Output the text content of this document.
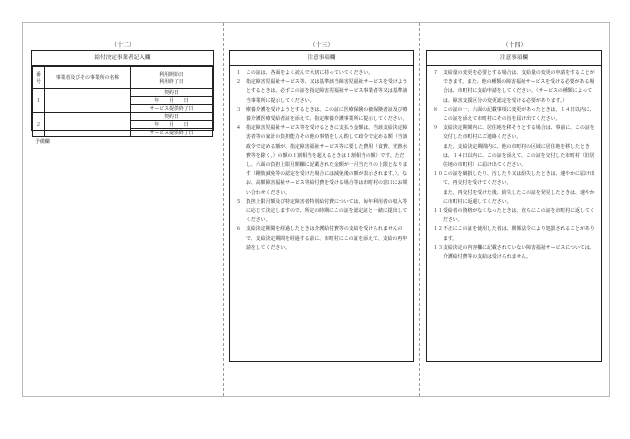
（十二）
給付決定事業者記入欄
番号	事業者及びその事業所の名称	利用開始日
利用終了日

１		契約日
		年　　月　　日
		サービス提供終了日
２		契約日
		年　　月　　日
		サービス提供終了日
予備欄
（十三）
注意事項欄
１	この証は、各面をよく読んで大切に持っていてください。
２	指定障害児福祉サービス等、又は基準該当障害児福祉サービスを受けようとするときは、必ずこの証を指定障害児福祉サービス事業者等又は基準該当事業所に提示してください。
３	療養介護を受けようとするときは、この証に医療保険の被保険者証及び療養介護医療受給者証を添えて、指定療養介護事業所に提示してください。
４	指定障害児福祉サービス等を受けるときに支払う金額は、当該支給決定障害者等の家計の負担能力その他の事情をしん酌して政令で定める額（当該政令で定める額が、指定障害福祉サービス等に要した費用（食費、光熱水費等を除く。）の額の１割相当を超えるときは１割相当の額）です。ただし、六面の負担上限月額欄に記載された金額が一月当たりの上限となります（剛肢減免等の認定を受けた場合には減免後の額が表示されます。）。なお、高額障害福祉サービス等給付費を受ける場合等は市町村の窓口にお問い合わせください。
５	負担上限月額及び特定障害者特別給付費については、毎年利用者の収入等に応じて決定しますので、所定の時期にこの証を認定証と一緒に提出してください。
６	支給決定期間を経過したときは介護給付費等の支給を受けられませんので、支給決定期間を経過する前に、市町村にこの証を添えて、支給の再申請をしてください。
（十四）
注意事項欄
７	支給量の変更を必要とする場合は、支給量の変更の申請をすることができます。また、他の種類の障害福祉サービスを受ける必要がある場合は、市町村に支給申請をしてください。（サービスの種類によっては、障害支援区分の変更認定を受ける必要があります。）
８	この証の一、六面の記載事項に変更があったときは、１４日以内に、この証を添えて市町村にその旨を届け出てください。
９	支給決定期間内に、居住地を移そうとする場合は、事前に、この証を交付した市町村にご連絡ください。
また、支給決定期間内に、他の市町村の区域に居住地を移したときは、１４日以内に、この証を添えて、この証を交付した市町村（旧居住地の市町村）に届け出てください。
１０ この証を破損したり、汚したり又は紛失したときは、速やかに届け出て、再交付を受けてください。
また、再交付を受けた後、紛失したこの証を発見したときは、速やかに市町村に返還してください。
１１ 受給者の資格がなくなったときは、直ちにこの証を市町村に返してください。
１２ 不正にこの証を使用した者は、関係法令により処罰されることがあります。
１３ 支給決定の内容欄に記載されていない障害福祉サービスについては、介護給付費等の支給は受けられません。
